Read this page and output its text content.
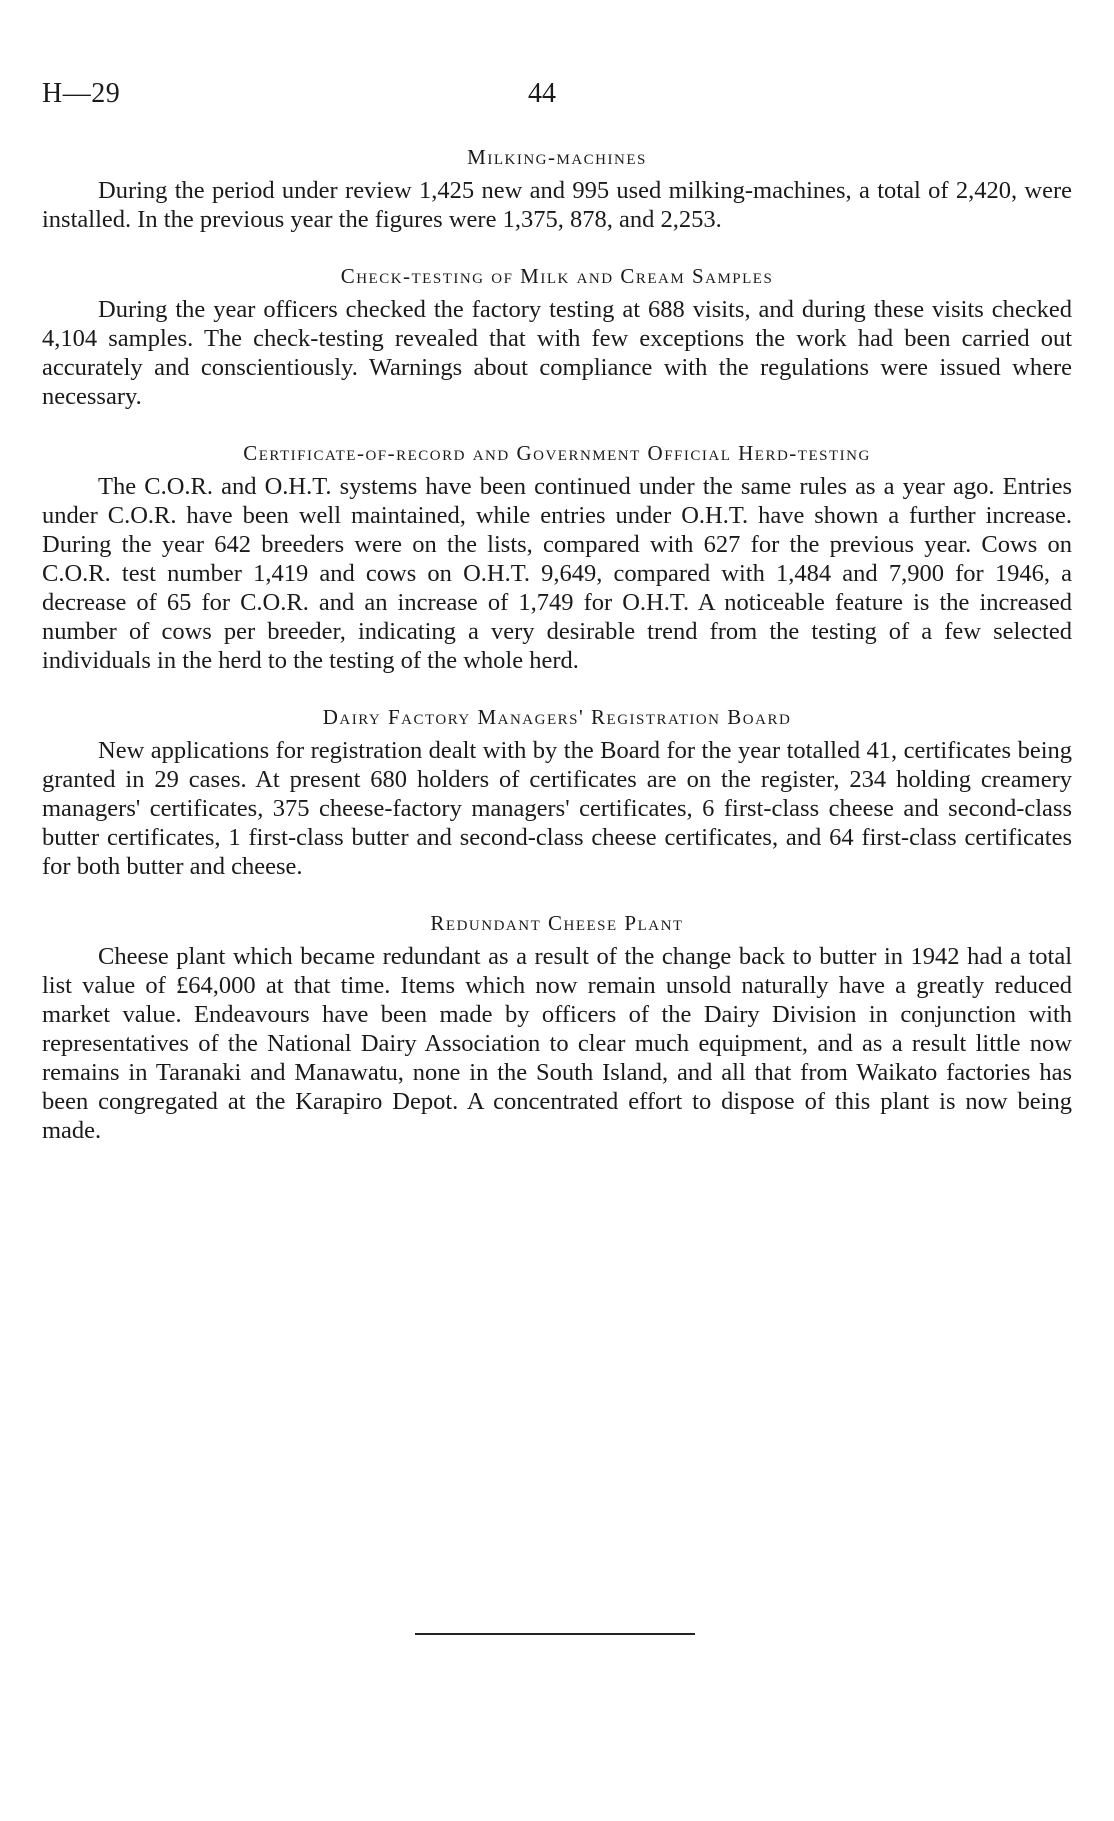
H—29	44
Milking-machines

During the period under review 1,425 new and 995 used milking-machines, a total of 2,420, were installed. In the previous year the figures were 1,375, 878, and 2,253.

Check-testing of Milk and Cream Samples

During the year officers checked the factory testing at 688 visits, and during these visits checked 4,104 samples. The check-testing revealed that with few exceptions the work had been carried out accurately and conscientiously. Warnings about compliance with the regulations were issued where necessary.

Certificate-of-record and Government Official Herd-testing

The C.O.R. and O.H.T. systems have been continued under the same rules as a year ago. Entries under C.O.R. have been well maintained, while entries under O.H.T. have shown a further increase. During the year 642 breeders were on the lists, compared with 627 for the previous year. Cows on C.O.R. test number 1,419 and cows on O.H.T. 9,649, compared with 1,484 and 7,900 for 1946, a decrease of 65 for C.O.R. and an increase of 1,749 for O.H.T. A noticeable feature is the increased number of cows per breeder, indicating a very desirable trend from the testing of a few selected individuals in the herd to the testing of the whole herd.

Dairy Factory Managers' Registration Board

New applications for registration dealt with by the Board for the year totalled 41, certificates being granted in 29 cases. At present 680 holders of certificates are on the register, 234 holding creamery managers' certificates, 375 cheese-factory managers' certificates, 6 first-class cheese and second-class butter certificates, 1 first-class butter and second-class cheese certificates, and 64 first-class certificates for both butter and cheese.

Redundant Cheese Plant

Cheese plant which became redundant as a result of the change back to butter in 1942 had a total list value of £64,000 at that time. Items which now remain unsold naturally have a greatly reduced market value. Endeavours have been made by officers of the Dairy Division in conjunction with representatives of the National Dairy Association to clear much equipment, and as a result little now remains in Taranaki and Manawatu, none in the South Island, and all that from Waikato factories has been congregated at the Karapiro Depot. A concentrated effort to dispose of this plant is now being made.
